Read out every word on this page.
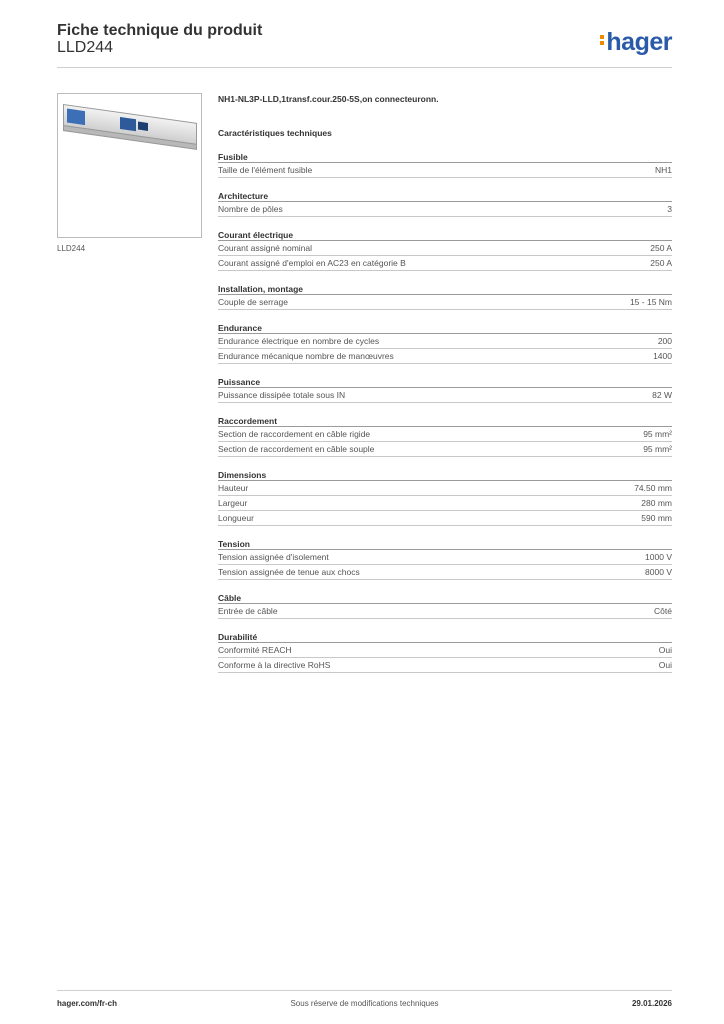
Fiche technique du produit
LLD244	hager
LLD244
NH1-NL3P-LLD,1transf.cour.250-5S,on connecteuronn.
Caractéristiques techniques
Fusible
Taille de l'élément fusible	NH1
Architecture
Nombre de pôles	3
Courant électrique
Courant assigné nominal	250 A
Courant assigné d'emploi en AC23 en catégorie B	250 A
Installation, montage
Couple de serrage	15 - 15 Nm
Endurance
Endurance électrique en nombre de cycles	200
Endurance mécanique nombre de manœuvres	1400
Puissance
Puissance dissipée totale sous IN	82 W
Raccordement
Section de raccordement en câble rigide	95 mm²
Section de raccordement en câble souple	95 mm²
Dimensions
Hauteur	74.50 mm
Largeur	280 mm
Longueur	590 mm
Tension
Tension assignée d'isolement	1000 V
Tension assignée de tenue aux chocs	8000 V
Câble
Entrée de câble	Côté
Durabilité
Conformité REACH	Oui
Conforme à la directive RoHS	Oui
hager.com/fr-ch	Sous réserve de modifications techniques	29.01.2026
